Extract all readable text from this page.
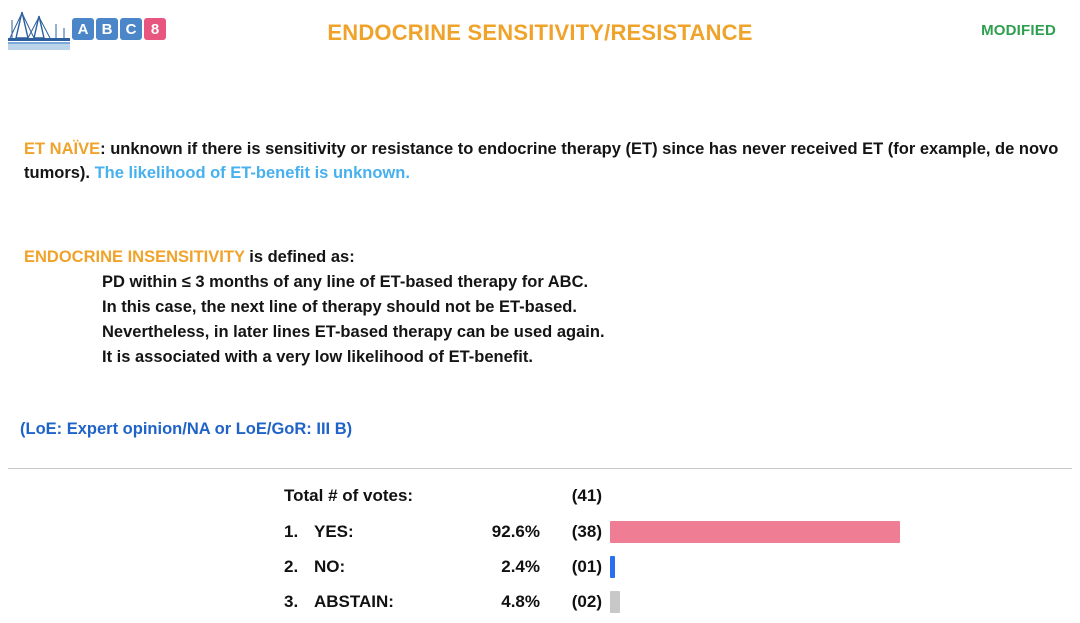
A B C 8	ENDOCRINE SENSITIVITY/RESISTANCE	MODIFIED
ET NAÏVE: unknown if there is sensitivity or resistance to endocrine therapy (ET) since has never received ET (for example, de novo tumors). The likelihood of ET-benefit is unknown.
ENDOCRINE INSENSITIVITY is defined as:
PD within ≤ 3 months of any line of ET-based therapy for ABC.
In this case, the next line of therapy should not be ET-based.
Nevertheless, in later lines ET-based therapy can be used again.
It is associated with a very low likelihood of ET-benefit.
(LoE: Expert opinion/NA or LoE/GoR: III B)
Total # of votes:	(41)
1. YES:	92.6%	(38)
2. NO:	2.4%	(01)
3. ABSTAIN:	4.8%	(02)
